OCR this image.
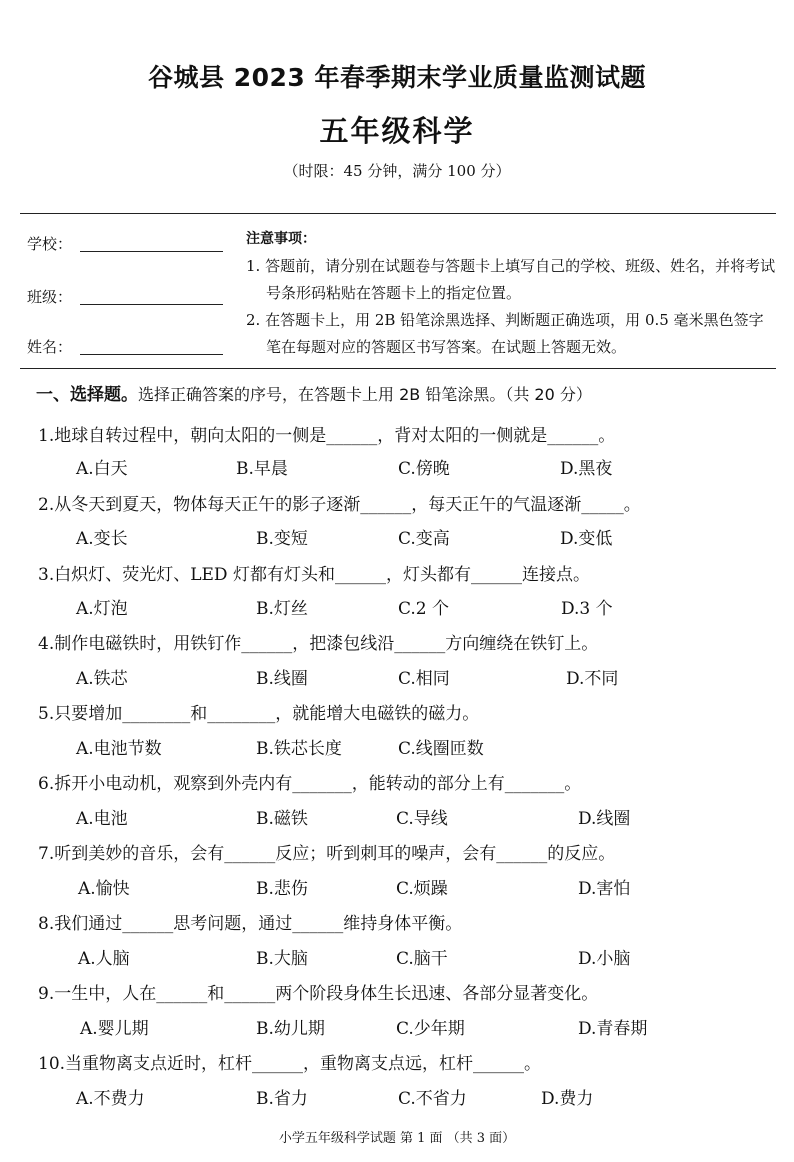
谷城县 2023 年春季期末学业质量监测试题
五年级科学
（时限：45 分钟，满分 100 分）
学校：
班级：
姓名：
注意事项：
1. 答题前，请分别在试题卷与答题卡上填写自己的学校、班级、姓名，并将考试号条形码粘贴在答题卡上的指定位置。
2. 在答题卡上，用 2B 铅笔涂黑选择、判断题正确选项，用 0.5 毫米黑色签字笔在每题对应的答题区书写答案。在试题上答题无效。
一、选择题。选择正确答案的序号，在答题卡上用 2B 铅笔涂黑。（共 20 分）
1.地球自转过程中，朝向太阳的一侧是______，背对太阳的一侧就是______。
A.白天	B.早晨	C.傍晚	D.黑夜
2.从冬天到夏天，物体每天正午的影子逐渐______，每天正午的气温逐渐_____。
A.变长	B.变短	C.变高	D.变低
3.白炽灯、荧光灯、LED 灯都有灯头和______，灯头都有______连接点。
A.灯泡	B.灯丝	C.2 个	D.3 个
4.制作电磁铁时，用铁钉作______，把漆包线沿______方向缠绕在铁钉上。
A.铁芯	B.线圈	C.相同	D.不同
5.只要增加________和________，就能增大电磁铁的磁力。
A.电池节数	B.铁芯长度	C.线圈匝数
6.拆开小电动机，观察到外壳内有_______，能转动的部分上有_______。
A.电池	B.磁铁	C.导线	D.线圈
7.听到美妙的音乐，会有______反应；听到刺耳的噪声，会有______的反应。
A.愉快	B.悲伤	C.烦躁	D.害怕
8.我们通过______思考问题，通过______维持身体平衡。
A.人脑	B.大脑	C.脑干	D.小脑
9.一生中，人在______和______两个阶段身体生长迅速、各部分显著变化。
A.婴儿期	B.幼儿期	C.少年期	D.青春期
10.当重物离支点近时，杠杆______，重物离支点远，杠杆______。
A.不费力	B.省力	C.不省力	D.费力
小学五年级科学试题 第 1 面 （共 3 面）
